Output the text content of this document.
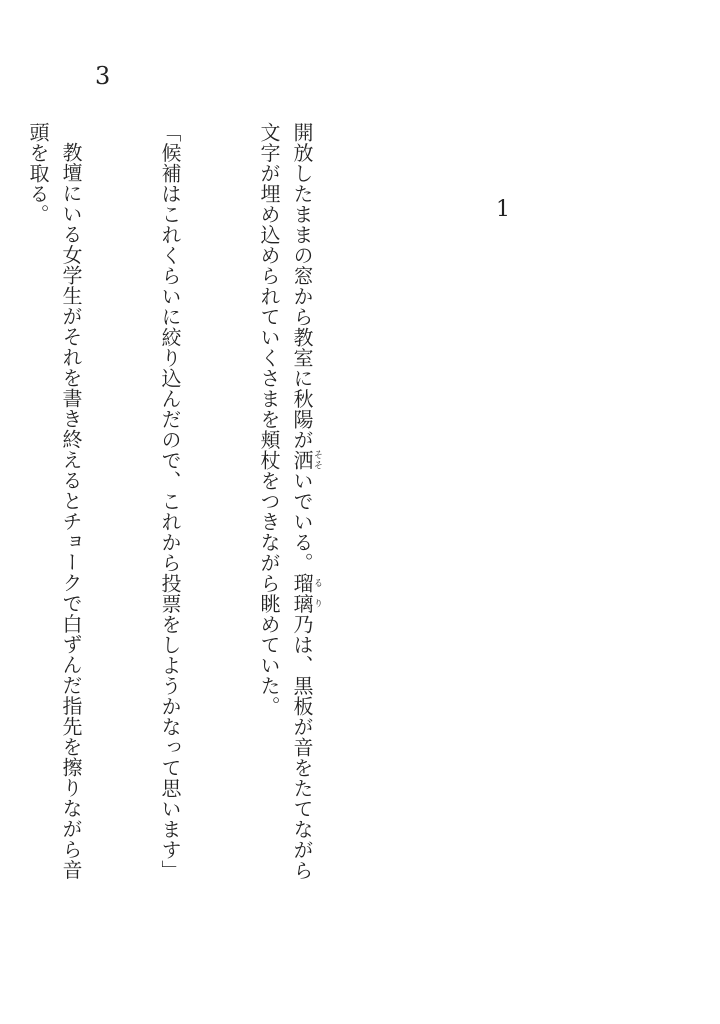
3
1

開放したままの窓から教室に秋陽が洒そそいでいる。瑠璃るり乃は、黒板が音をたてながら文字が埋め込められていくさまを頬杖をつきながら眺めていた。

「候補はこれくらいに絞り込んだので、これから投票をしようかなって思います」

教壇にいる女学生がそれを書き終えるとチョークで白ずんだ指先を擦りながら音頭を取る。
